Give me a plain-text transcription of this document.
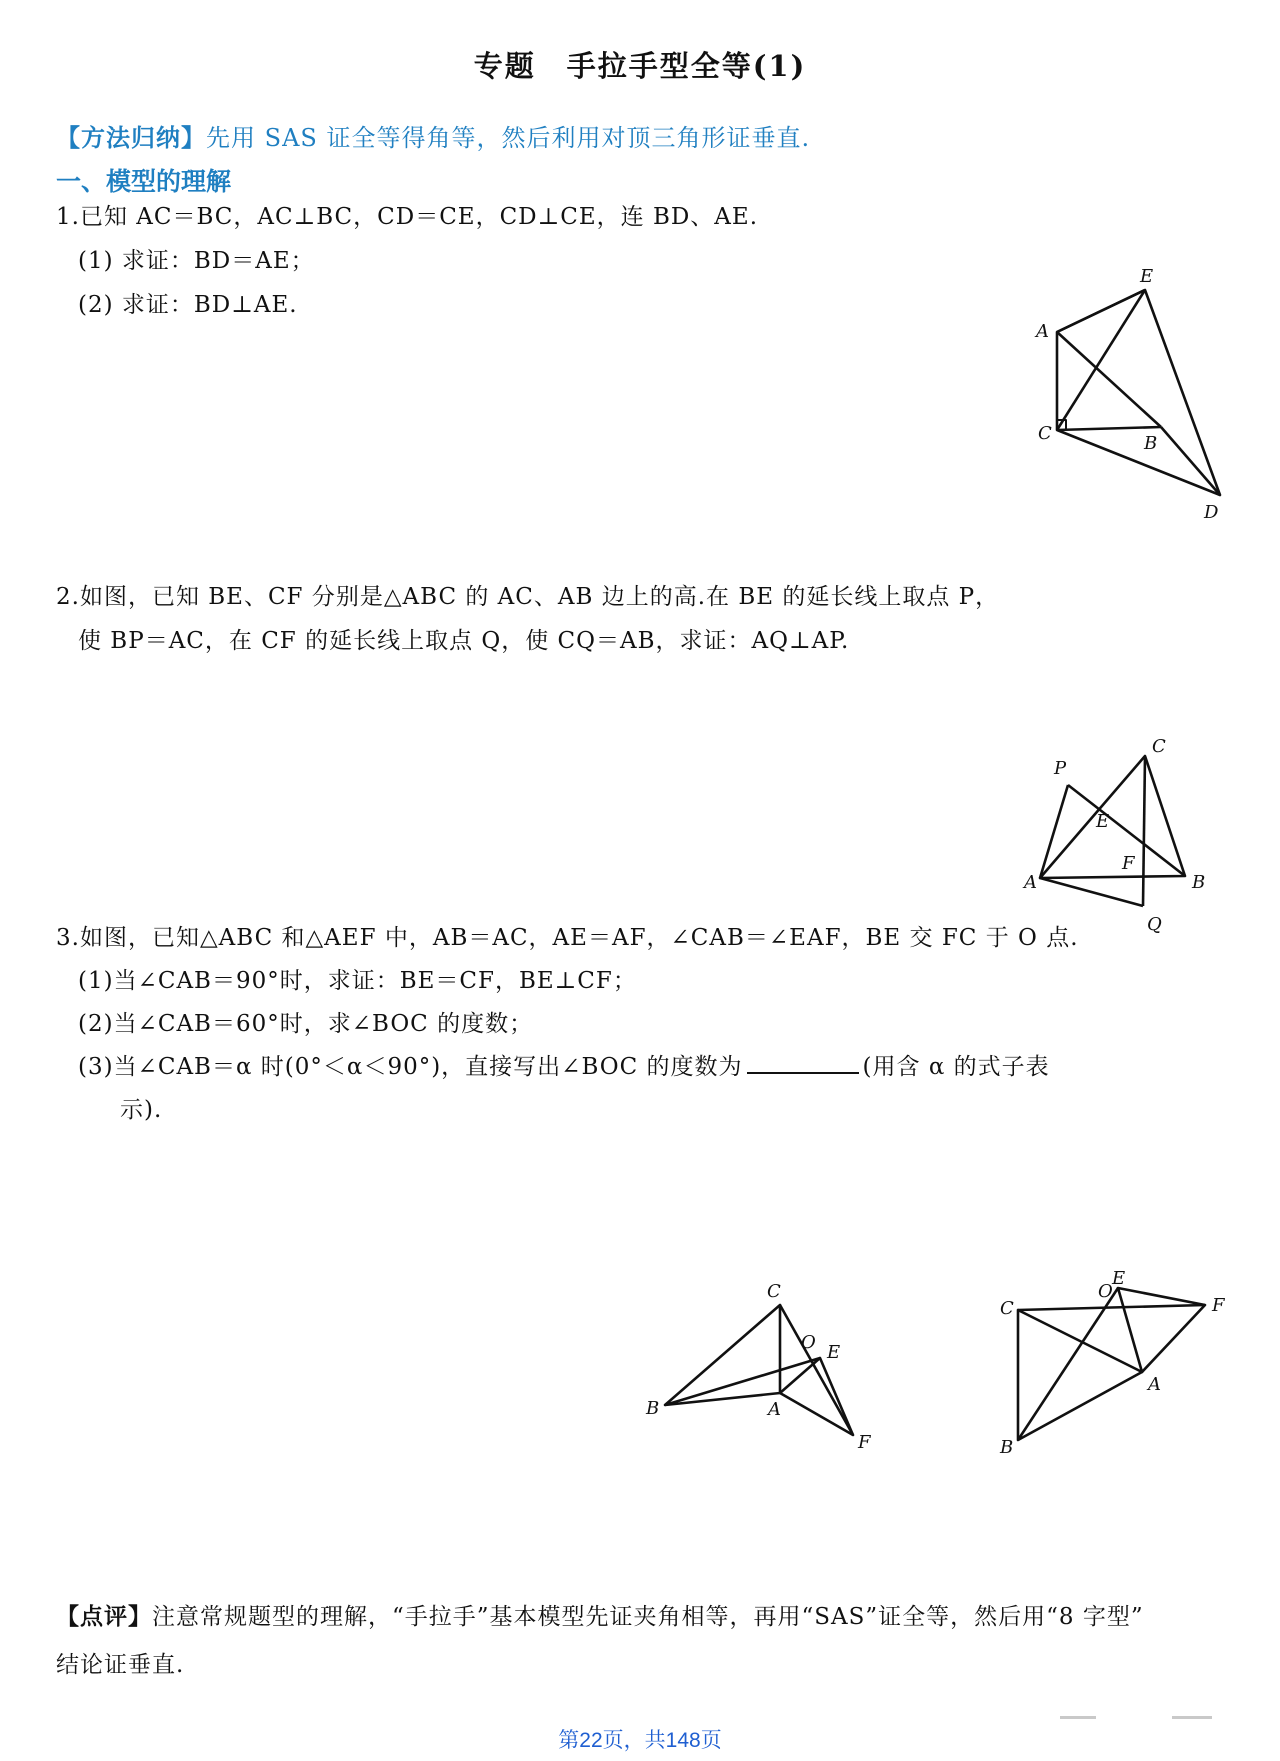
专题　手拉手型全等(1)
【方法归纳】先用 SAS 证全等得角等，然后利用对顶三角形证垂直.
一、模型的理解
1.已知 AC＝BC，AC⊥BC，CD＝CE，CD⊥CE，连 BD、AE.
(1) 求证：BD＝AE；
(2) 求证：BD⊥AE.
E
A
C	B
D
2.如图，已知 BE、CF 分别是△ABC 的 AC、AB 边上的高.在 BE 的延长线上取点 P，
使 BP＝AC，在 CF 的延长线上取点 Q，使 CQ＝AB，求证：AQ⊥AP.
P
C
E
F
A	B
Q
3.如图，已知△ABC 和△AEF 中，AB＝AC，AE＝AF，∠CAB＝∠EAF，BE 交 FC 于 O 点.
(1)当∠CAB＝90°时，求证：BE＝CF，BE⊥CF；
(2)当∠CAB＝60°时，求∠BOC 的度数；
(3)当∠CAB＝α 时(0°＜α＜90°)，直接写出∠BOC 的度数为	(用含 α 的式子表
示).
C
O E
B	A
F
C
O
E
F
A
B
【点评】注意常规题型的理解，“手拉手”基本模型先证夹角相等，再用“SAS”证全等，然后用“8 字型”
结论证垂直.
第22页，共148页
